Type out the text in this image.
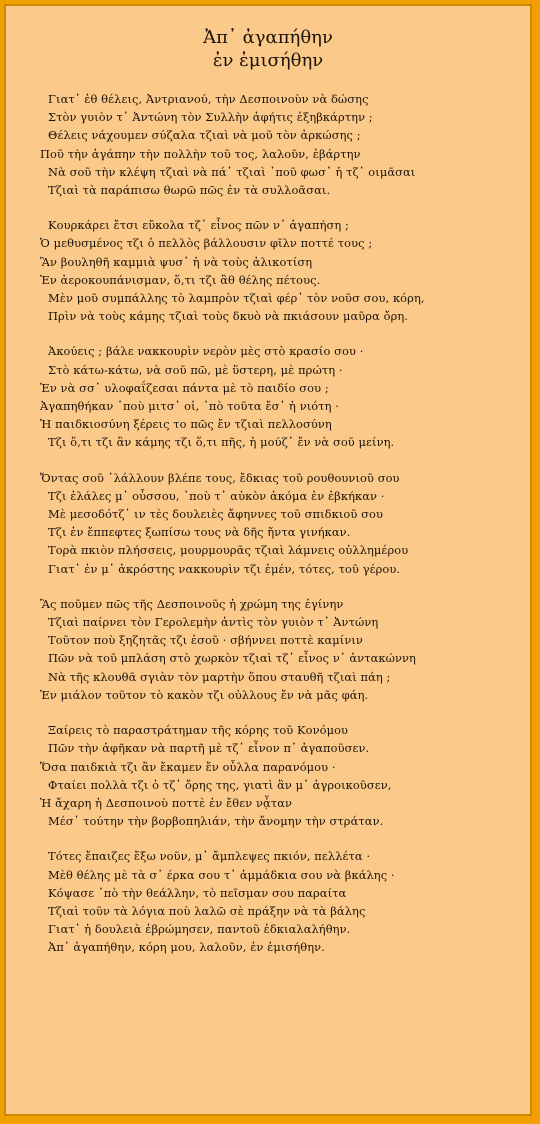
Ἀπ᾽ ἀγαπήθην
ἐν ἐμισήθην
Γιατ᾽ ἐθ θέλεις, Ἀντριανού, τὴν Δεσποινοὺν νὰ δώσης
Στὸν γυιὸν τ᾽ Ἀντώνη τὸν Συλλὴν ἀφήτις ἐξηβκάρτην ;
Θέλεις νάχουμεν σύζαλα τζιαὶ νὰ μοῦ τὸν ἀρκώσης ;
Ποῦ τὴν ἀγάπην τὴν πολλὴν τοῦ τος, λαλοῦν, ἐβάρτην
Νὰ σοῦ τὴν κλέψη τζιαὶ νὰ πά᾽ τζιαὶ ᾽ποῦ φωσ᾽ ἡ τζ᾽ οιμᾶσαι
Τζιαὶ τὰ παράπισω θωρῶ πῶς ἐν τὰ συλλοᾶσαι.
Κουρκάρει ἔτσι εὔκολα τζ᾽ εἶνος πῶν ν᾽ ἀγαπήση ;
Ὁ μεθυσμένος τζι ὁ πελλὸς βάλλουσιν φῖλν ποττέ τους ;
Ἂν βουληθῆ καμμιὰ ψυσ᾽ ἡ νὰ τοὺς ἀλικοτίση
Ἐν ἀεροκουπάνισμαν, ὅ,τι τζι ἂθ θέλης πέτους.
Μὲν μοῦ συμπάλλης τὸ λαμπρὸν τζιαὶ φέρ᾽ τὸν νοῦσ σου, κόρη,
Πρὶν νὰ τοὺς κάμης τζιαὶ τοὺς δκυὸ νὰ πκιάσουν μαῦρα ὄρη.
Ἀκούεις ; βάλε νακκουρὶν νερὸν μὲς στὸ κρασίο σου ·
Στὸ κάτω-κάτω, νὰ σοῦ πῶ, μὲ ὕστερη, μὲ πρώτη ·
Ἐν νὰ σσ᾽ υλοφαΐζεσαι πάντα μὲ τὸ παιδίο σου ;
Ἀγαπηθήκαν ᾽ποὺ μιτσ᾽ οἱ, ᾽πὸ τοῦτα ἔσ᾽ ἡ νιότη ·
Ἡ παιδκιοσύνη ξέρεις το πῶς ἔν τζιαὶ πελλοσύνη
Τζι ὅ,τι τζι ἂν κάμης τζι ὅ,τι πῆς, ἡ μούζ᾽ ἔν νὰ σοῦ μείνη.
Ὄντας σοῦ ᾽λάλλουν βλέπε τους, ἔδκιας τοῦ ρουθουνιοῦ σου
Τζι ἐλάλες μ᾽ οὖσσου, ᾽ποὺ τ᾽ αὐκὸν ἀκόμα ἐν ἐβκήκαν ·
Μὲ μεσοδότζ᾽ ιν τὲς δουλειὲς ἄφηννες τοῦ σπιδκιοῦ σου
Τζι ἐν ἔππεφτες ξωπίσω τους νὰ δῆς ἤντα γινήκαν.
Τορὰ πκιὸν πλήσσεις, μουρμουρᾶς τζιαὶ λάμνεις οὐλλημέρου
Γιατ᾽ ἐν μ᾽ ἀκρόστης νακκουρὶν τζι ἐμέν, τότες, τοῦ γέρου.
Ἂς ποῦμεν πῶς τῆς Δεσποινοῦς ἡ χρώμη της ἐγίνην
Τζιαὶ παίρνει τὸν Γερολεμὴν ἀντὶς τὸν γυιὸν τ᾽ Ἀντώνη
Τοῦτον ποὺ ξηζητᾶς τζι ἐσοῦ · σβήννει ποττὲ καμίνιν
Πῶν νὰ τοῦ μπλάση στὸ χωρκὸν τζιαὶ τζ᾽ εἶνος ν᾽ ἀντακώννη
Νὰ τῆς κλουθᾶ σγιὰν τὸν μαρτὴν ὅπου σταυθῆ τζιαὶ πάη ;
Ἐν μιάλον τοῦτον τὸ κακὸν τζι οὐλλους ἔν νὰ μᾶς φάη.
Ξαίρεις τὸ παραστράτημαν τῆς κόρης τοῦ Κονόμου
Πῶν τὴν ἀφῆκαν νὰ παρτῆ μὲ τζ᾽ εἶνον π᾽ ἀγαποῦσεν.
Ὅσα παιδκιὰ τζι ἂν ἔκαμεν ἔν οὖλλα παρανόμου ·
Φταίει πολλὰ τζι ὁ τζ᾽ ὄρης της, γιατὶ ἂν μ᾽ ἀγροικοῦσεν,
Ἡ ἄχαρη ἡ Δεσποινοὺ ποττὲ ἐν ἔθεν νᾆταν
Μέσ᾽ τούτην τὴν βορβοπηλιάν, τὴν ἄνομην τὴν στράταν.
Τότες ἔπαιζες ἔξω νοῦν, μ᾽ ἄμπλεψες πκιόν, πελλέτα ·
Μὲθ θέλης μὲ τὰ σ᾽ έρκα σου τ᾽ ἀμμάδκια σου νὰ βκάλης ·
Κόψασε ᾽πὸ τὴν θεάλλην, τὸ πεῖσμαν σου παραίτα
Τζιαὶ τοῦν τὰ λόγια ποὺ λαλῶ σὲ πράξην νὰ τὰ βάλης
Γιατ᾽ ἡ δουλειὰ ἐβρώμησεν, παντοῦ ἐδκιαλαλήθην.
Ἀπ᾽ ἀγαπήθην, κόρη μου, λαλοῦν, ἐν ἐμισήθην.
